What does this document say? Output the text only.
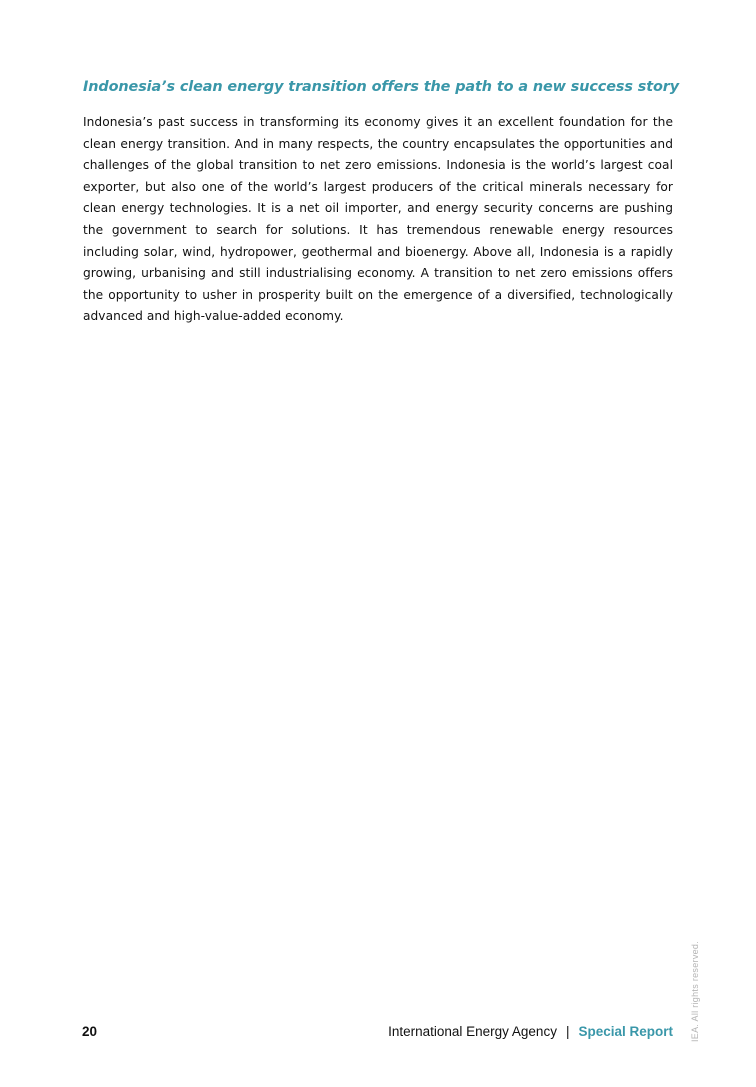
Indonesia’s clean energy transition offers the path to a new success story

Indonesia’s past success in transforming its economy gives it an excellent foundation for the clean energy transition. And in many respects, the country encapsulates the opportunities and challenges of the global transition to net zero emissions. Indonesia is the world’s largest coal exporter, but also one of the world’s largest producers of the critical minerals necessary for clean energy technologies. It is a net oil importer, and energy security concerns are pushing the government to search for solutions. It has tremendous renewable energy resources including solar, wind, hydropower, geothermal and bioenergy. Above all, Indonesia is a rapidly growing, urbanising and still industrialising economy. A transition to net zero emissions offers the opportunity to usher in prosperity built on the emergence of a diversified, technologically advanced and high-value-added economy.

20	International Energy Agency | Special Report IEA. All rights reserved.
